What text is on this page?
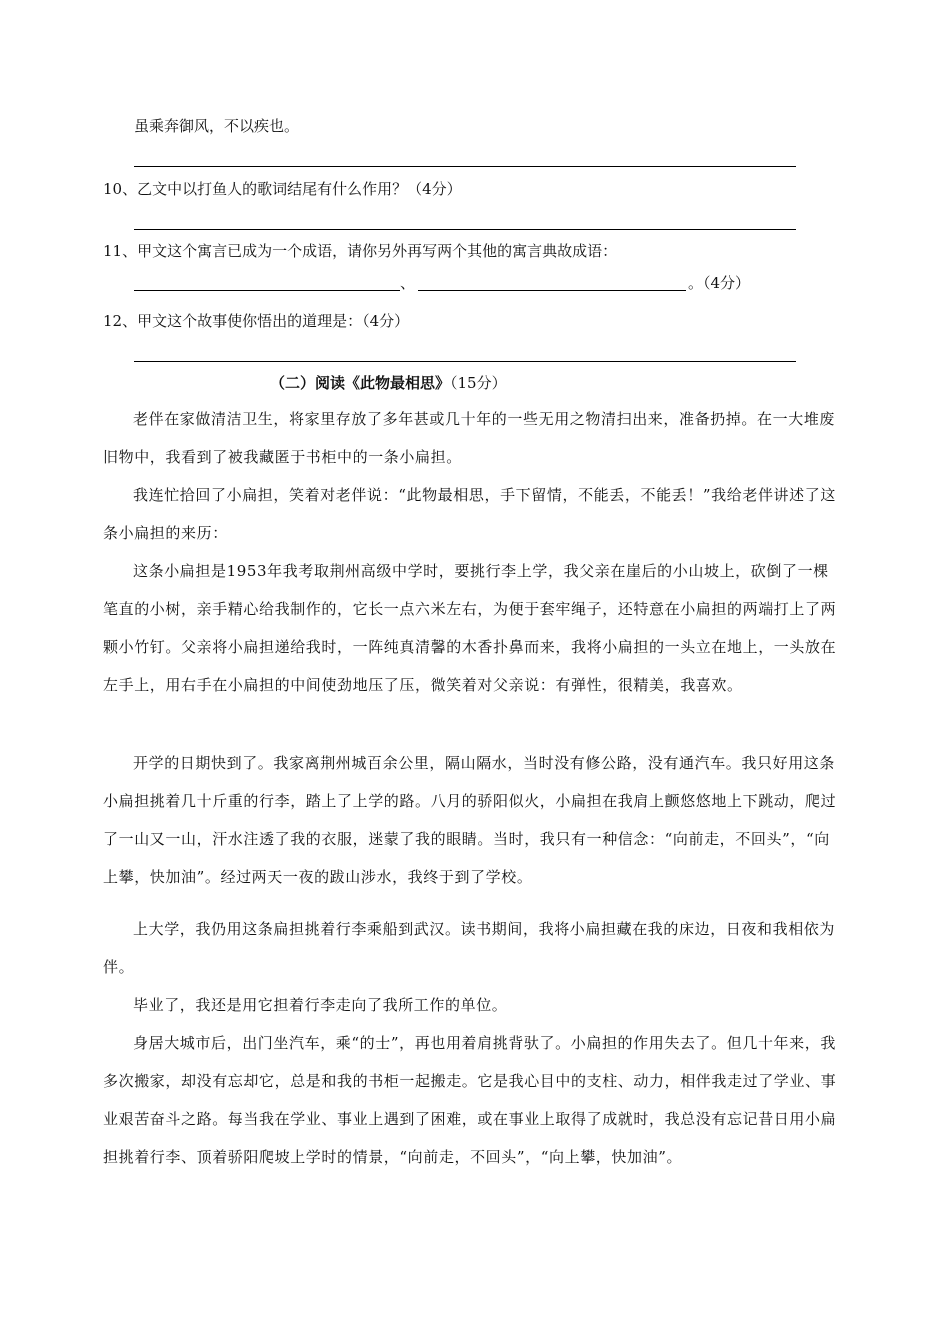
虽乘奔御风，不以疾也。
10、乙文中以打鱼人的歌词结尾有什么作用？（4分）
11、甲文这个寓言已成为一个成语，请你另外再写两个其他的寓言典故成语：
、	。（4分）
12、甲文这个故事使你悟出的道理是：（4分）
（二）阅读《此物最相思》（15分）

老伴在家做清洁卫生，将家里存放了多年甚或几十年的一些无用之物清扫出来，准备扔掉。在一大堆废旧物中，我看到了被我藏匿于书柜中的一条小扁担。

我连忙拾回了小扁担，笑着对老伴说：“此物最相思，手下留情，不能丢，不能丢！”我给老伴讲述了这条小扁担的来历：

这条小扁担是1953年我考取荆州高级中学时，要挑行李上学，我父亲在崖后的小山坡上，砍倒了一棵笔直的小树，亲手精心给我制作的，它长一点六米左右，为便于套牢绳子，还特意在小扁担的两端打上了两颗小竹钉。父亲将小扁担递给我时，一阵纯真清馨的木香扑鼻而来，我将小扁担的一头立在地上，一头放在左手上，用右手在小扁担的中间使劲地压了压，微笑着对父亲说：有弹性，很精美，我喜欢。

开学的日期快到了。我家离荆州城百余公里，隔山隔水，当时没有修公路，没有通汽车。我只好用这条小扁担挑着几十斤重的行李，踏上了上学的路。八月的骄阳似火，小扁担在我肩上颤悠悠地上下跳动，爬过了一山又一山，汗水注透了我的衣服，迷蒙了我的眼睛。当时，我只有一种信念：“向前走，不回头”，“向上攀，快加油”。经过两天一夜的跋山涉水，我终于到了学校。

上大学，我仍用这条扁担挑着行李乘船到武汉。读书期间，我将小扁担藏在我的床边，日夜和我相依为伴。

毕业了，我还是用它担着行李走向了我所工作的单位。

身居大城市后，出门坐汽车，乘“的士”，再也用着肩挑背驮了。小扁担的作用失去了。但几十年来，我多次搬家，却没有忘却它，总是和我的书柜一起搬走。它是我心目中的支柱、动力，相伴我走过了学业、事业艰苦奋斗之路。每当我在学业、事业上遇到了困难，或在事业上取得了成就时，我总没有忘记昔日用小扁担挑着行李、顶着骄阳爬坡上学时的情景，“向前走，不回头”，“向上攀，快加油”。
